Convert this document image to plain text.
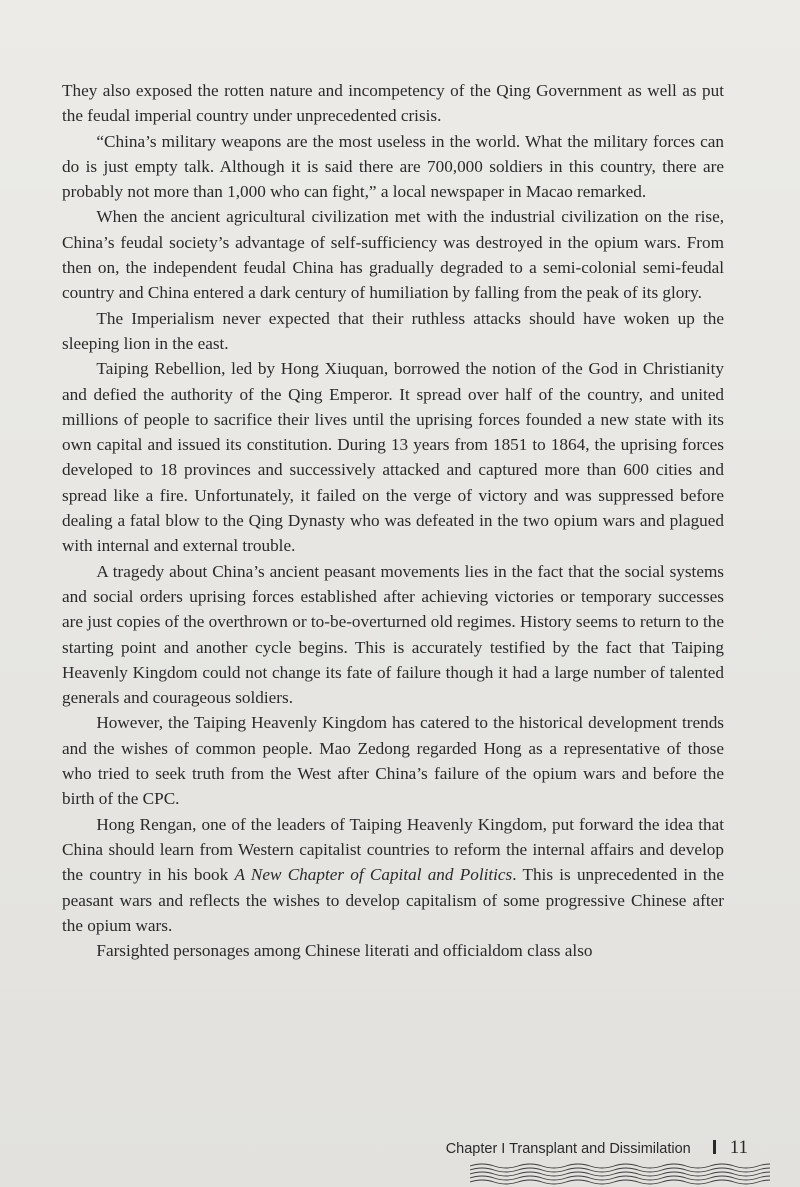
They also exposed the rotten nature and incompetency of the Qing Government as well as put the feudal imperial country under unprecedented crisis.

“China’s military weapons are the most useless in the world. What the military forces can do is just empty talk. Although it is said there are 700,000 soldiers in this country, there are probably not more than 1,000 who can fight,” a local newspaper in Macao remarked.

When the ancient agricultural civilization met with the industrial civilization on the rise, China’s feudal society’s advantage of self-sufficiency was destroyed in the opium wars. From then on, the independent feudal China has gradually degraded to a semi-colonial semi-feudal country and China entered a dark century of humiliation by falling from the peak of its glory.

The Imperialism never expected that their ruthless attacks should have woken up the sleeping lion in the east.

Taiping Rebellion, led by Hong Xiuquan, borrowed the notion of the God in Christianity and defied the authority of the Qing Emperor. It spread over half of the country, and united millions of people to sacrifice their lives until the uprising forces founded a new state with its own capital and issued its constitution. During 13 years from 1851 to 1864, the uprising forces developed to 18 provinces and successively attacked and captured more than 600 cities and spread like a fire. Unfortunately, it failed on the verge of victory and was suppressed before dealing a fatal blow to the Qing Dynasty who was defeated in the two opium wars and plagued with internal and external trouble.

A tragedy about China’s ancient peasant movements lies in the fact that the social systems and social orders uprising forces established after achieving victories or temporary successes are just copies of the overthrown or to-be-overturned old regimes. History seems to return to the starting point and another cycle begins. This is accurately testified by the fact that Taiping Heavenly Kingdom could not change its fate of failure though it had a large number of talented generals and courageous soldiers.

However, the Taiping Heavenly Kingdom has catered to the historical development trends and the wishes of common people. Mao Zedong regarded Hong as a representative of those who tried to seek truth from the West after China’s failure of the opium wars and before the birth of the CPC.

Hong Rengan, one of the leaders of Taiping Heavenly Kingdom, put forward the idea that China should learn from Western capitalist countries to reform the internal affairs and develop the country in his book A New Chapter of Capital and Politics. This is unprecedented in the peasant wars and reflects the wishes to develop capitalism of some progressive Chinese after the opium wars.

Farsighted personages among Chinese literati and officialdom class also

Chapter I Transplant and Dissimilation 11
